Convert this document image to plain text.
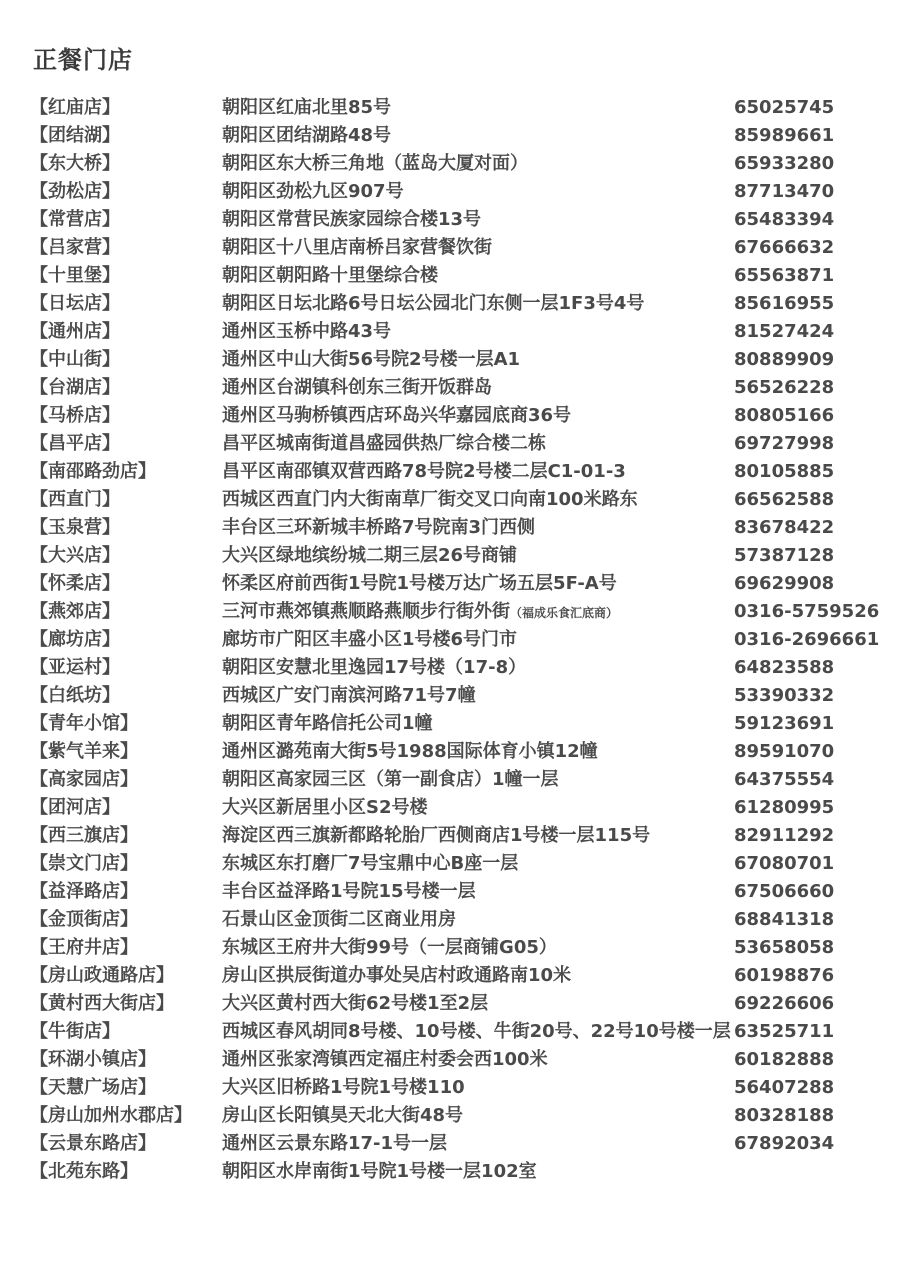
正餐门店
【红庙店】	朝阳区红庙北里85号	65025745
【团结湖】	朝阳区团结湖路48号	85989661
【东大桥】	朝阳区东大桥三角地（蓝岛大厦对面）	65933280
【劲松店】	朝阳区劲松九区907号	87713470
【常营店】	朝阳区常营民族家园综合楼13号	65483394
【吕家营】	朝阳区十八里店南桥吕家营餐饮街	67666632
【十里堡】	朝阳区朝阳路十里堡综合楼	65563871
【日坛店】	朝阳区日坛北路6号日坛公园北门东侧一层1F3号4号	85616955
【通州店】	通州区玉桥中路43号	81527424
【中山街】	通州区中山大街56号院2号楼一层A1	80889909
【台湖店】	通州区台湖镇科创东三街开饭群岛	56526228
【马桥店】	通州区马驹桥镇西店环岛兴华嘉园底商36号	80805166
【昌平店】	昌平区城南街道昌盛园供热厂综合楼二栋	69727998
【南邵路劲店】	昌平区南邵镇双营西路78号院2号楼二层C1-01-3	80105885
【西直门】	西城区西直门内大街南草厂街交叉口向南100米路东	66562588
【玉泉营】	丰台区三环新城丰桥路7号院南3门西侧	83678422
【大兴店】	大兴区绿地缤纷城二期三层26号商铺	57387128
【怀柔店】	怀柔区府前西街1号院1号楼万达广场五层5F-A号	69629908
【燕郊店】	三河市燕郊镇燕顺路燕顺步行街外街（福成乐食汇底商）	0316-5759526
【廊坊店】	廊坊市广阳区丰盛小区1号楼6号门市	0316-2696661
【亚运村】	朝阳区安慧北里逸园17号楼（17-8）	64823588
【白纸坊】	西城区广安门南滨河路71号7幢	53390332
【青年小馆】	朝阳区青年路信托公司1幢	59123691
【紫气羊来】	通州区潞苑南大街5号1988国际体育小镇12幢	89591070
【高家园店】	朝阳区高家园三区（第一副食店）1幢一层	64375554
【团河店】	大兴区新居里小区S2号楼	61280995
【西三旗店】	海淀区西三旗新都路轮胎厂西侧商店1号楼一层115号	82911292
【崇文门店】	东城区东打磨厂7号宝鼎中心B座一层	67080701
【益泽路店】	丰台区益泽路1号院15号楼一层	67506660
【金顶街店】	石景山区金顶街二区商业用房	68841318
【王府井店】	东城区王府井大街99号（一层商铺G05）	53658058
【房山政通路店】	房山区拱辰街道办事处吴店村政通路南10米	60198876
【黄村西大街店】	大兴区黄村西大街62号楼1至2层	69226606
【牛街店】	西城区春风胡同8号楼、10号楼、牛街20号、22号10号楼一层 63525711
【环湖小镇店】	通州区张家湾镇西定福庄村委会西100米	60182888
【天慧广场店】	大兴区旧桥路1号院1号楼110	56407288
【房山加州水郡店】 房山区长阳镇昊天北大街48号	80328188
【云景东路店】	通州区云景东路17-1号一层	67892034
【北苑东路】	朝阳区水岸南街1号院1号楼一层102室
